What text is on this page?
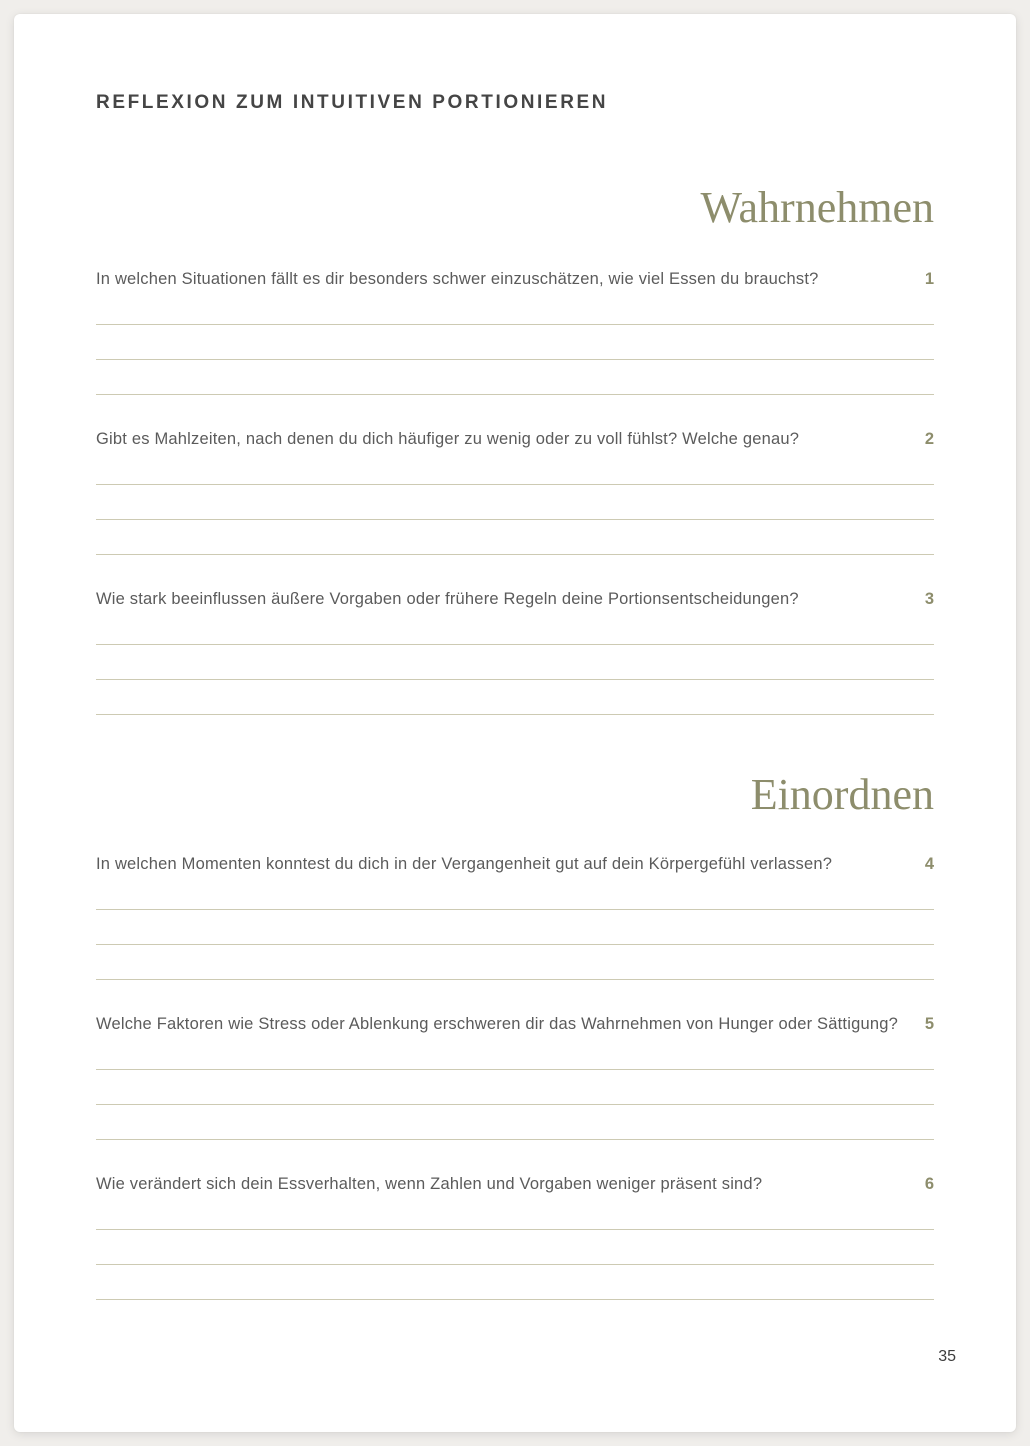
REFLEXION ZUM INTUITIVEN PORTIONIEREN
Wahrnehmen
In welchen Situationen fällt es dir besonders schwer einzuschätzen, wie viel Essen du brauchst?	1
Gibt es Mahlzeiten, nach denen du dich häufiger zu wenig oder zu voll fühlst? Welche genau?	2
Wie stark beeinflussen äußere Vorgaben oder frühere Regeln deine Portionsentscheidungen?	3
Einordnen
In welchen Momenten konntest du dich in der Vergangenheit gut auf dein Körpergefühl verlassen?	4
Welche Faktoren wie Stress oder Ablenkung erschweren dir das Wahrnehmen von Hunger oder Sättigung?	5
Wie verändert sich dein Essverhalten, wenn Zahlen und Vorgaben weniger präsent sind?	6
35
